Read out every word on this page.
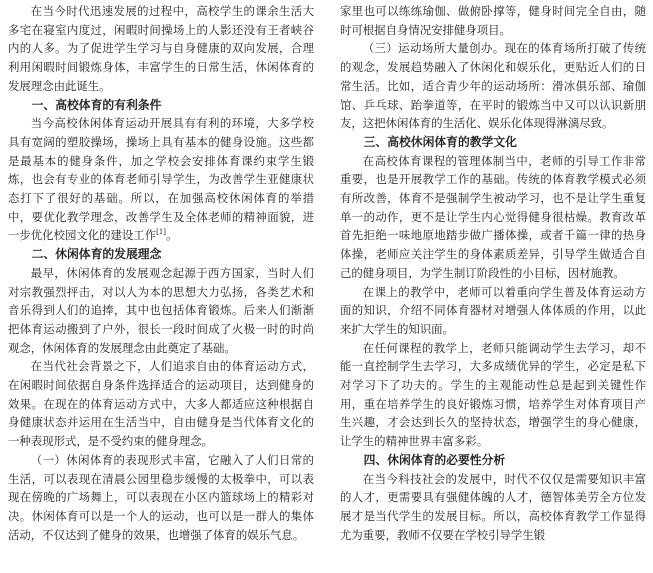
在当今时代迅速发展的过程中，高校学生的课余生活大多宅在寝室内度过，闲暇时间操场上的人影还没有王者峡谷内的人多。为了促进学生学习与自身健康的双向发展，合理利用闲暇时间锻炼身体，丰富学生的日常生活，休闲体育的发展理念由此诞生。

一、高校体育的有利条件

当今高校休闲体育运动开展具有有利的环境，大多学校具有宽阔的塑胶操场，操场上具有基本的健身设施。这些都是最基本的健身条件，加之学校会安排体育课约束学生锻炼，也会有专业的体育老师引导学生，为改善学生亚健康状态打下了很好的基础。所以，在加强高校休闲体育的举措中，要优化教学理念，改善学生及全体老师的精神面貌，进一步优化校园文化的建设工作[1]。

二、休闲体育的发展理念

最早，休闲体育的发展观念起源于西方国家，当时人们对宗教强烈抨击，对以人为本的思想大力弘扬，各类艺术和音乐得到人们的追捧，其中也包括体育锻炼。后来人们渐渐把体育运动搬到了户外，很长一段时间成了火极一时的时尚观念，休闲体育的发展理念由此奠定了基础。

在当代社会背景之下，人们追求自由的体育运动方式，在闲暇时间依据自身条件选择适合的运动项目，达到健身的效果。在现在的体育运动方式中，大多人都适应这种根据自身健康状态并运用在生活当中，自由健身是当代体育文化的一种表现形式，是不受约束的健身理念。

（一）休闲体育的表现形式丰富，它融入了人们日常的生活，可以表现在清晨公园里稳步缓慢的太极拳中，可以表现在傍晚的广场舞上，可以表现在小区内篮球场上的精彩对决。休闲体育可以是一个人的运动，也可以是一群人的集体活动，不仅达到了健身的效果，也增强了体育的娱乐气息。

家里也可以练练瑜伽、做俯卧撑等，健身时间完全自由，随时可根据自身情况安排健身项目。

（三）运动场所大量创办。现在的体育场所打破了传统的观念，发展趋势融入了休闲化和娱乐化，更贴近人们的日常生活。比如，适合青少年的运动场所：滑冰俱乐部、瑜伽馆、乒乓球、跆拳道等，在平时的锻炼当中又可以认识新朋友，这把休闲体育的生活化、娱乐化体现得淋漓尽致。

三、高校休闲体育的教学文化

在高校体育课程的管理体制当中，老师的引导工作非常重要，也是开展教学工作的基础。传统的体育教学模式必须有所改善，体育不是强制学生被动学习，也不是让学生重复单一的动作，更不是让学生内心觉得健身很枯燥。教育改革首先拒绝一味地原地踏步做广播体操，或者千篇一律的热身体操，老师应关注学生的身体素质差异，引导学生做适合自己的健身项目，为学生制订阶段性的小目标，因材施教。

在课上的教学中，老师可以着重向学生普及体育运动方面的知识，介绍不同体育器材对增强人体体质的作用，以此来扩大学生的知识面。

在任何课程的教学上，老师只能调动学生去学习，却不能一直控制学生去学习，大多成绩优异的学生，必定是私下对学习下了功夫的。学生的主观能动性总是起到关键性作用，重在培养学生的良好锻炼习惯，培养学生对体育项目产生兴趣，才会达到长久的坚持状态，增强学生的身心健康，让学生的精神世界丰富多彩。

四、休闲体育的必要性分析

在当今科技社会的发展中，时代不仅仅是需要知识丰富的人才，更需要具有强健体魄的人才，德智体美劳全方位发展才是当代学生的发展目标。所以，高校体育教学工作显得尤为重要，教师不仅要在学校引导学生锻
